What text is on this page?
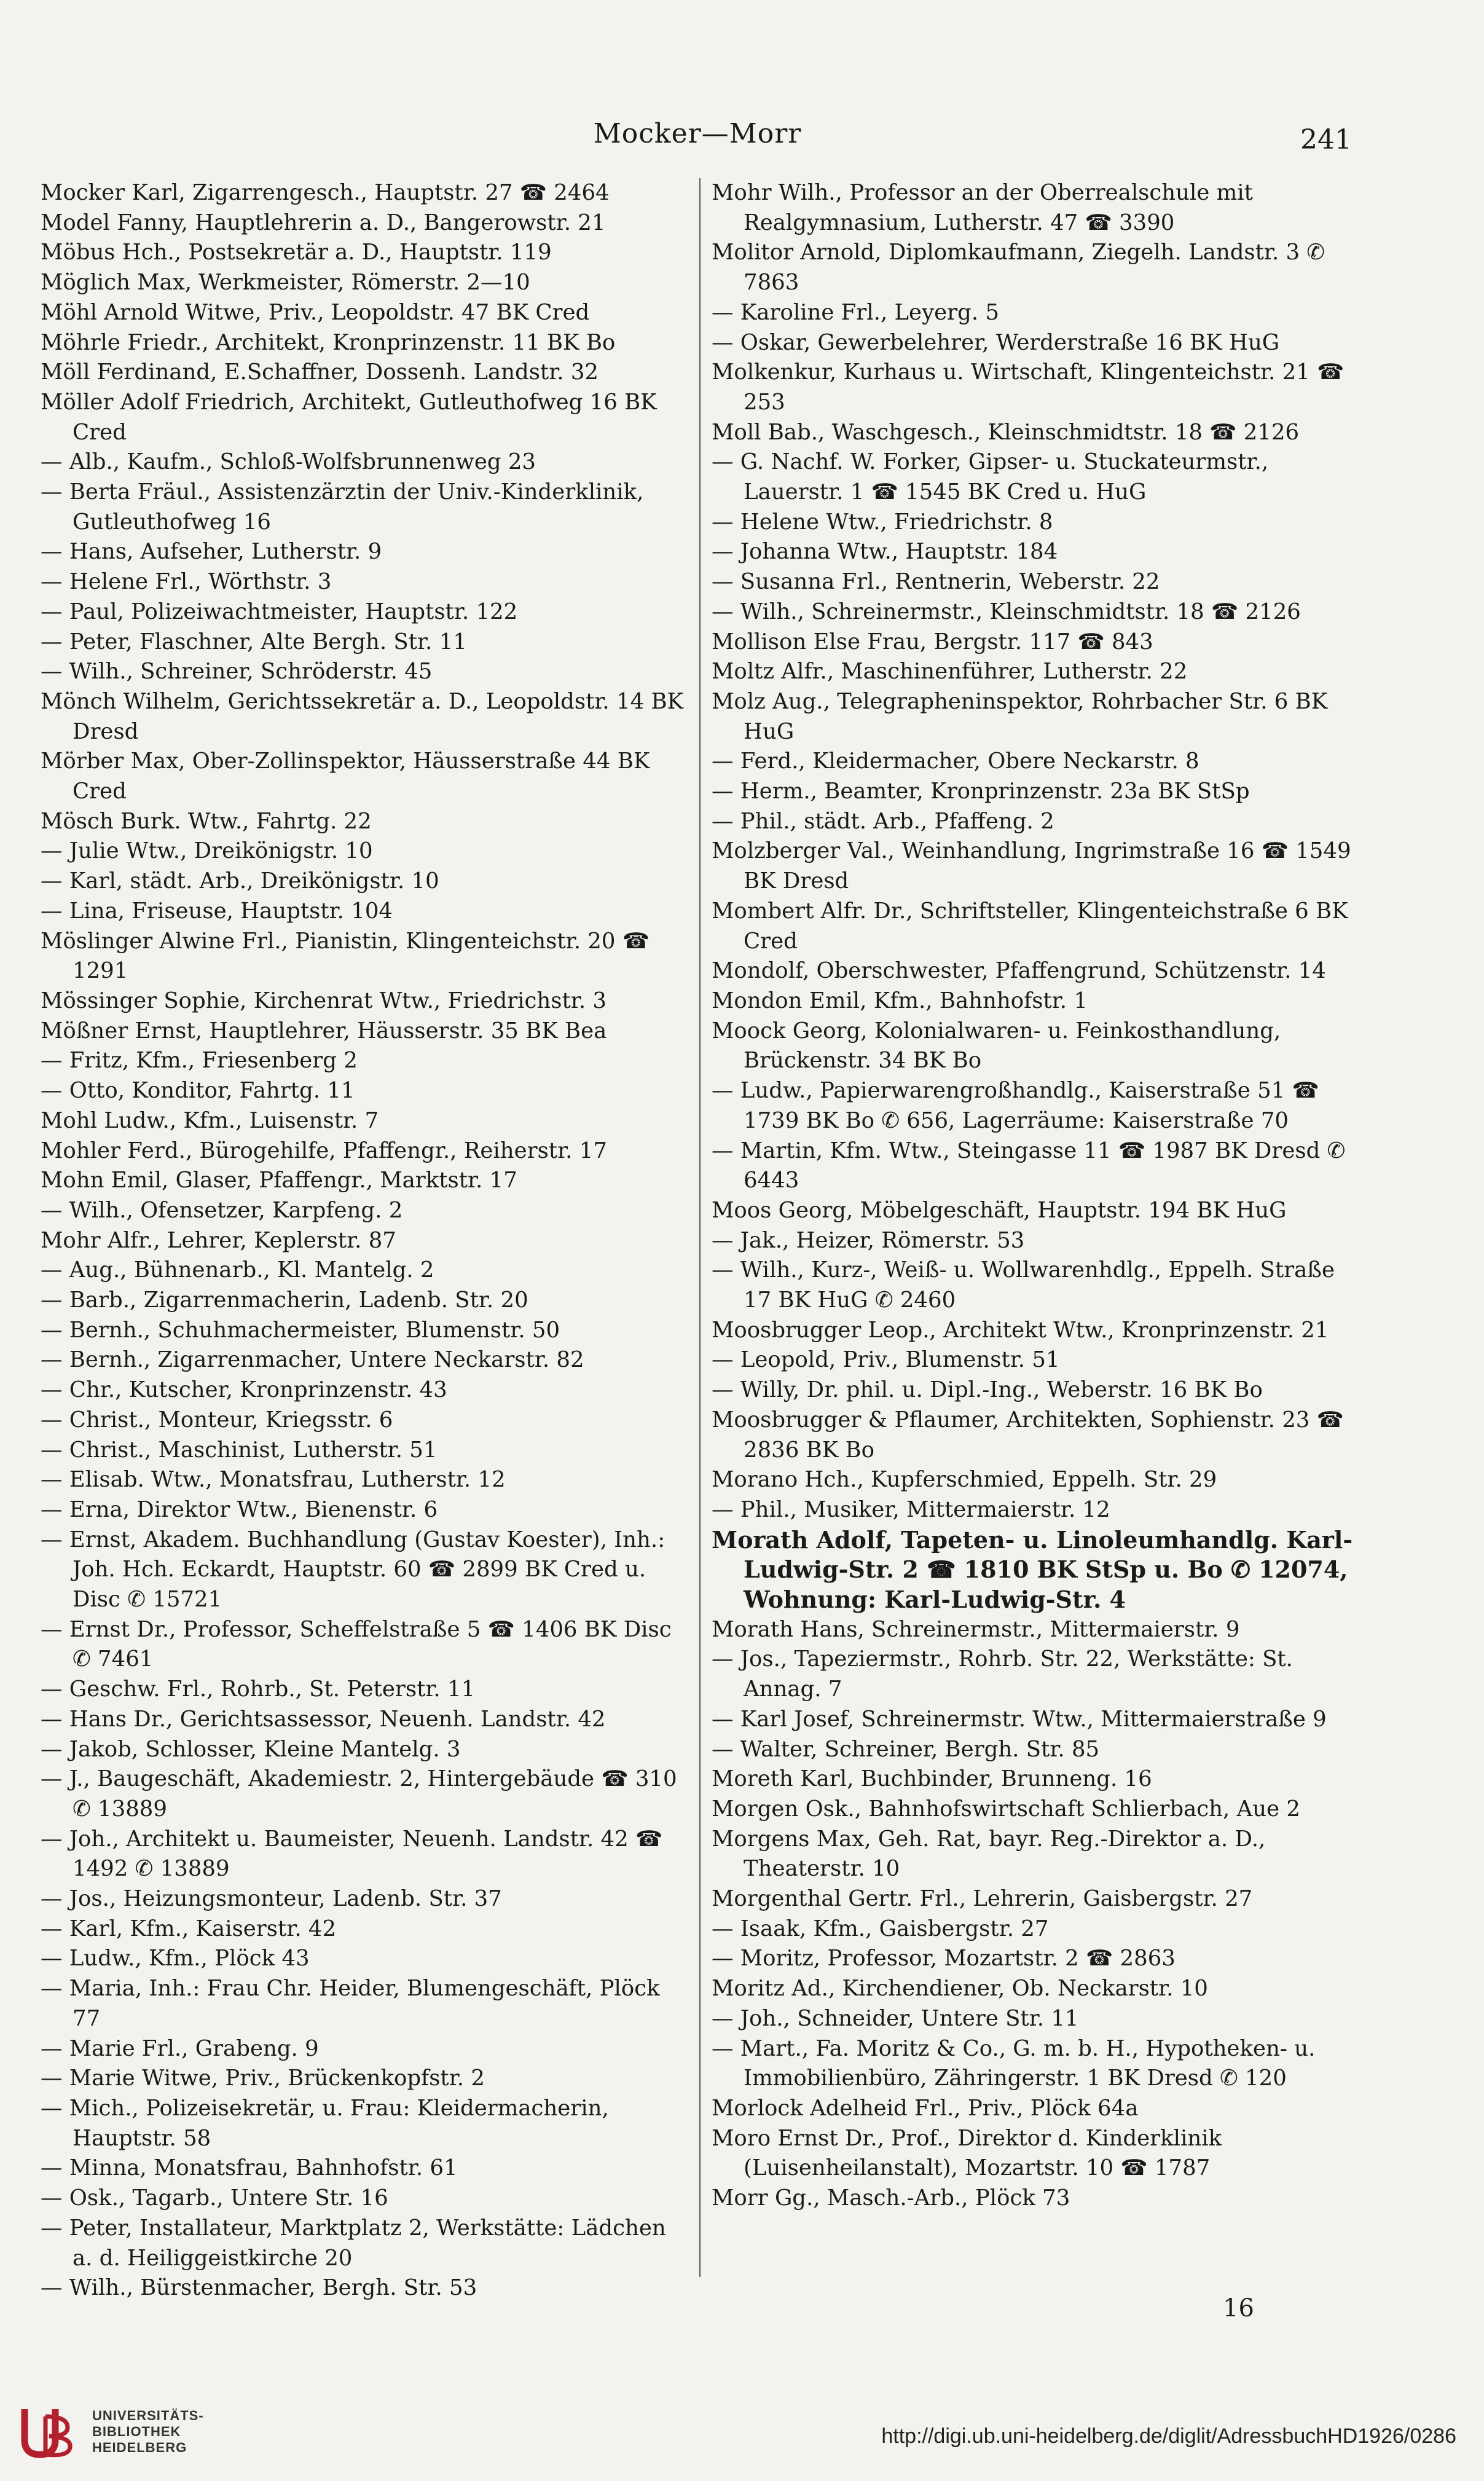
Mocker—Morr	241
Mocker Karl, Zigarrengesch., Hauptstr. 27 ☎ 2464
Model Fanny, Hauptlehrerin a. D., Bangerowstr. 21
Möbus Hch., Postsekretär a. D., Hauptstr. 119
Möglich Max, Werkmeister, Römerstr. 2—10
Möhl Arnold Witwe, Priv., Leopoldstr. 47 BK Cred
Möhrle Friedr., Architekt, Kronprinzenstr. 11 BK Bo
Möll Ferdinand, E.Schaffner, Dossenh. Landstr. 32
Möller Adolf Friedrich, Architekt, Gutleuthofweg 16 BK Cred
— Alb., Kaufm., Schloß-Wolfsbrunnenweg 23
— Berta Fräul., Assistenzärztin der Univ.-Kinderklinik, Gutleuthofweg 16
— Hans, Aufseher, Lutherstr. 9
— Helene Frl., Wörthstr. 3
— Paul, Polizeiwachtmeister, Hauptstr. 122
— Peter, Flaschner, Alte Bergh. Str. 11
— Wilh., Schreiner, Schröderstr. 45
Mönch Wilhelm, Gerichtssekretär a. D., Leopoldstr. 14 BK Dresd
Mörber Max, Ober-Zollinspektor, Häusserstraße 44 BK Cred
Mösch Burk. Wtw., Fahrtg. 22
— Julie Wtw., Dreikönigstr. 10
— Karl, städt. Arb., Dreikönigstr. 10
— Lina, Friseuse, Hauptstr. 104
Möslinger Alwine Frl., Pianistin, Klingenteichstr. 20 ☎ 1291
Mössinger Sophie, Kirchenrat Wtw., Friedrichstr. 3
Mößner Ernst, Hauptlehrer, Häusserstr. 35 BK Bea
— Fritz, Kfm., Friesenberg 2
— Otto, Konditor, Fahrtg. 11
Mohl Ludw., Kfm., Luisenstr. 7
Mohler Ferd., Bürogehilfe, Pfaffengr., Reiherstr. 17
Mohn Emil, Glaser, Pfaffengr., Marktstr. 17
— Wilh., Ofensetzer, Karpfeng. 2
Mohr Alfr., Lehrer, Keplerstr. 87
— Aug., Bühnenarb., Kl. Mantelg. 2
— Barb., Zigarrenmacherin, Ladenb. Str. 20
— Bernh., Schuhmachermeister, Blumenstr. 50
— Bernh., Zigarrenmacher, Untere Neckarstr. 82
— Chr., Kutscher, Kronprinzenstr. 43
— Christ., Monteur, Kriegsstr. 6
— Christ., Maschinist, Lutherstr. 51
— Elisab. Wtw., Monatsfrau, Lutherstr. 12
— Erna, Direktor Wtw., Bienenstr. 6
— Ernst, Akadem. Buchhandlung (Gustav Koester), Inh.: Joh. Hch. Eckardt, Hauptstr. 60 ☎ 2899 BK Cred u. Disc ✆ 15721
— Ernst Dr., Professor, Scheffelstraße 5 ☎ 1406 BK Disc ✆ 7461
— Geschw. Frl., Rohrb., St. Peterstr. 11
— Hans Dr., Gerichtsassessor, Neuenh. Landstr. 42
— Jakob, Schlosser, Kleine Mantelg. 3
— J., Baugeschäft, Akademiestr. 2, Hintergebäude ☎ 310 ✆ 13889
— Joh., Architekt u. Baumeister, Neuenh. Landstr. 42 ☎ 1492 ✆ 13889
— Jos., Heizungsmonteur, Ladenb. Str. 37
— Karl, Kfm., Kaiserstr. 42
— Ludw., Kfm., Plöck 43
— Maria, Inh.: Frau Chr. Heider, Blumengeschäft, Plöck 77
— Marie Frl., Grabeng. 9
— Marie Witwe, Priv., Brückenkopfstr. 2
— Mich., Polizeisekretär, u. Frau: Kleidermacherin, Hauptstr. 58
— Minna, Monatsfrau, Bahnhofstr. 61
— Osk., Tagarb., Untere Str. 16
— Peter, Installateur, Marktplatz 2, Werkstätte: Lädchen a. d. Heiliggeistkirche 20
— Wilh., Bürstenmacher, Bergh. Str. 53
Mohr Wilh., Professor an der Oberrealschule mit Realgymnasium, Lutherstr. 47 ☎ 3390
Molitor Arnold, Diplomkaufmann, Ziegelh. Landstr. 3 ✆ 7863
— Karoline Frl., Leyerg. 5
— Oskar, Gewerbelehrer, Werderstraße 16 BK HuG
Molkenkur, Kurhaus u. Wirtschaft, Klingenteichstr. 21 ☎ 253
Moll Bab., Waschgesch., Kleinschmidtstr. 18 ☎ 2126
— G. Nachf. W. Forker, Gipser- u. Stuckateurmstr., Lauerstr. 1 ☎ 1545 BK Cred u. HuG
— Helene Wtw., Friedrichstr. 8
— Johanna Wtw., Hauptstr. 184
— Susanna Frl., Rentnerin, Weberstr. 22
— Wilh., Schreinermstr., Kleinschmidtstr. 18 ☎ 2126
Mollison Else Frau, Bergstr. 117 ☎ 843
Moltz Alfr., Maschinenführer, Lutherstr. 22
Molz Aug., Telegrapheninspektor, Rohrbacher Str. 6 BK HuG
— Ferd., Kleidermacher, Obere Neckarstr. 8
— Herm., Beamter, Kronprinzenstr. 23a BK StSp
— Phil., städt. Arb., Pfaffeng. 2
Molzberger Val., Weinhandlung, Ingrimstraße 16 ☎ 1549 BK Dresd
Mombert Alfr. Dr., Schriftsteller, Klingenteichstraße 6 BK Cred
Mondolf, Oberschwester, Pfaffengrund, Schützenstr. 14
Mondon Emil, Kfm., Bahnhofstr. 1
Moock Georg, Kolonialwaren- u. Feinkosthandlung, Brückenstr. 34 BK Bo
— Ludw., Papierwarengroßhandlg., Kaiserstraße 51 ☎ 1739 BK Bo ✆ 656, Lagerräume: Kaiserstraße 70
— Martin, Kfm. Wtw., Steingasse 11 ☎ 1987 BK Dresd ✆ 6443
Moos Georg, Möbelgeschäft, Hauptstr. 194 BK HuG
— Jak., Heizer, Römerstr. 53
— Wilh., Kurz-, Weiß- u. Wollwarenhdlg., Eppelh. Straße 17 BK HuG ✆ 2460
Moosbrugger Leop., Architekt Wtw., Kronprinzenstr. 21
— Leopold, Priv., Blumenstr. 51
— Willy, Dr. phil. u. Dipl.-Ing., Weberstr. 16 BK Bo
Moosbrugger & Pflaumer, Architekten, Sophienstr. 23 ☎ 2836 BK Bo
Morano Hch., Kupferschmied, Eppelh. Str. 29
— Phil., Musiker, Mittermaierstr. 12
Morath Adolf, Tapeten- u. Linoleumhandlg. Karl-Ludwig-Str. 2 ☎ 1810 BK StSp u. Bo ✆ 12074, Wohnung: Karl-Ludwig-Str. 4
Morath Hans, Schreinermstr., Mittermaierstr. 9
— Jos., Tapeziermstr., Rohrb. Str. 22, Werkstätte: St. Annag. 7
— Karl Josef, Schreinermstr. Wtw., Mittermaierstraße 9
— Walter, Schreiner, Bergh. Str. 85
Moreth Karl, Buchbinder, Brunneng. 16
Morgen Osk., Bahnhofswirtschaft Schlierbach, Aue 2
Morgens Max, Geh. Rat, bayr. Reg.-Direktor a. D., Theaterstr. 10
Morgenthal Gertr. Frl., Lehrerin, Gaisbergstr. 27
— Isaak, Kfm., Gaisbergstr. 27
— Moritz, Professor, Mozartstr. 2 ☎ 2863
Moritz Ad., Kirchendiener, Ob. Neckarstr. 10
— Joh., Schneider, Untere Str. 11
— Mart., Fa. Moritz & Co., G. m. b. H., Hypotheken- u. Immobilienbüro, Zähringerstr. 1 BK Dresd ✆ 120
Morlock Adelheid Frl., Priv., Plöck 64a
Moro Ernst Dr., Prof., Direktor d. Kinderklinik (Luisenheilanstalt), Mozartstr. 10 ☎ 1787
Morr Gg., Masch.-Arb., Plöck 73
16
UNIVERSITÄTS-
BIBLIOTHEK
HEIDELBERG	http://digi.ub.uni-heidelberg.de/diglit/AdressbuchHD1926/0286
